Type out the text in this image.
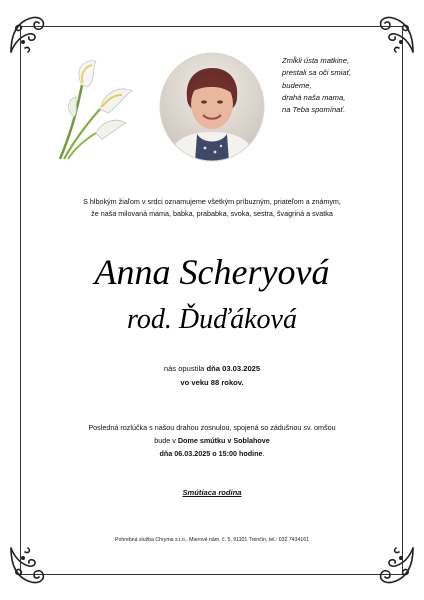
Zmĺkli ústa matkine,
prestali sa oči smiať,
budeme,
drahá naša mama,
na Teba spomínať.
S hlbokým žiaľom v srdci oznamujeme všetkým príbuzným, priateľom a známym,
že naša milovaná mama, babka, prababka, svoka, sestra, švagriná a svatka
Anna Scheryová
rod. Ďuďáková
nás opustila dňa 03.03.2025
vo veku 88 rokov.
Posledná rozlúčka s našou drahou zosnulou, spojená so zádušnou sv. omšou
bude v Dome smútku v Soblahove
dňa 06.03.2025 o 15:00 hodine.
Smútiaca rodina
Pohrebná služba Chryma s.r.o., Mierové nám. č. 5, 91101 Trenčín, tel.: 032 7434161
